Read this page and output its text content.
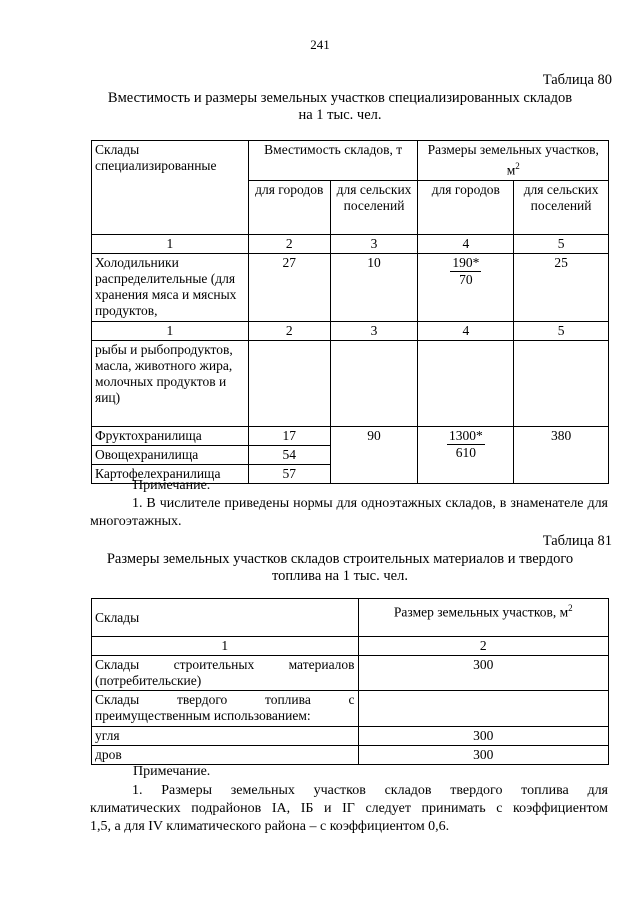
241
Таблица 80
Вместимость и размеры земельных участков специализированных складов
на 1 тыс. чел.
Склады специализированные	Вместимость складов, т		Размеры земельных участков, $м^2$
	для городов	для сельских поселений	для городов	для сельских поселений
1	2	3	4	5
Холодильники распределительные (для хранения мяса и мясных продуктов,	27	10	$\frac{190*}{70}$	25
1	2	3	4	5
рыбы и рыбопродуктов, масла, животного жира, молочных продуктов и яиц)				
Фруктохранилища	17	90	$\frac{1300*}{610}$	380
Овощехранилища	54			
Картофелехранилища	57			
Примечание.
1. В числителе приведены нормы для одноэтажных складов, в знаменателе для многоэтажных.
Таблица 81
Размеры земельных участков складов строительных материалов и твердого
топлива на 1 тыс. чел.
Склады	Размер земельных участков, $м^2$
1	2
Склады строительных материалов (потребительские)	300
Склады твердого топлива с преимущественным использованием:	
угля	300
дров	300
Примечание.
1. Размеры земельных участков складов твердого топлива для
климатических подрайонов IА, IБ и IГ следует принимать с коэффициентом
1,5, а для IV климатического района – с коэффициентом 0,6.
